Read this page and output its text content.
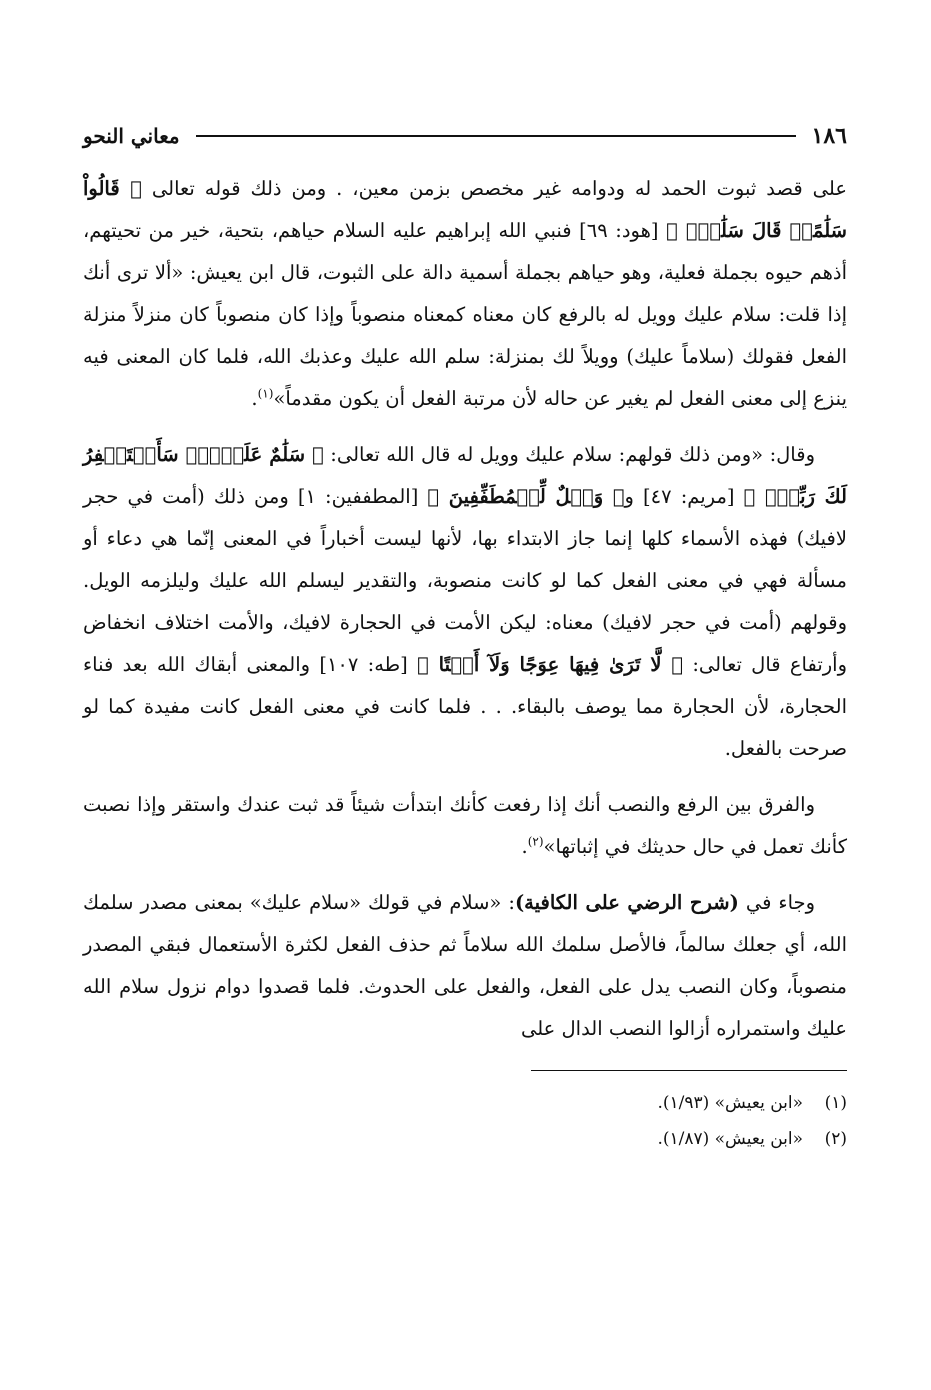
١٨٦
معاني النحو

على قصد ثبوت الحمد له ودوامه غير مخصص بزمن معين، . ومن ذلك قوله تعالى ﴿ قَالُواْ سَلَٰمًاۖ قَالَ سَلَٰمٌۖ ﴾ [هود: ٦٩] فنبي الله إبراهيم عليه السلام حياهم، بتحية، خير من تحيتهم، أذهم حيوه بجملة فعلية، وهو حياهم بجملة أسمية دالة على الثبوت، قال ابن يعيش: «ألا ترى أنك إذا قلت: سلام عليك وويل له بالرفع كان معناه كمعناه منصوباً وإذا كان منصوباً كان منزلاً منزلة الفعل فقولك (سلاماً عليك) وويلاً لك بمنزلة: سلم الله عليك وعذبك الله، فلما كان المعنى فيه ينزع إلى معنى الفعل لم يغير عن حاله لأن مرتبة الفعل أن يكون مقدماً»$^{(١)}$.

وقال: «ومن ذلك قولهم: سلام عليك وويل له قال الله تعالى: ﴿ سَلَٰمٌ عَلَيۡكَۖ سَأَسۡتَغۡفِرُ لَكَ رَبِّيٓۖ ﴾ [مريم: ٤٧] و﴿ وَيۡلٌ لِّلۡمُطَفِّفِينَ ﴾ [المطففين: ١] ومن ذلك (أمت في حجر لافيك) فهذه الأسماء كلها إنما جاز الابتداء بها، لأنها ليست أخباراً في المعنى إنّما هي دعاء أو مسألة فهي في معنى الفعل كما لو كانت منصوبة، والتقدير ليسلم الله عليك وليلزمه الويل. وقولهم (أمت في حجر لافيك) معناه: ليكن الأمت في الحجارة لافيك، والأمت اختلاف انخفاض وأرتفاع قال تعالى: ﴿ لَّا تَرَىٰ فِيهَا عِوَجًا وَلَآ أَمۡتًا ﴾ [طه: ١٠٧] والمعنى أبقاك الله بعد فناء الحجارة، لأن الحجارة مما يوصف بالبقاء. . . فلما كانت في معنى الفعل كانت مفيدة كما لو صرحت بالفعل.

والفرق بين الرفع والنصب أنك إذا رفعت كأنك ابتدأت شيئاً قد ثبت عندك واستقر وإذا نصبت كأنك تعمل في حال حديثك في إثباتها»$^{(٢)}$.

وجاء في (شرح الرضي على الكافية): «سلام في قولك «سلام عليك» بمعنى مصدر سلمك الله، أي جعلك سالماً، فالأصل سلمك الله سلاماً ثم حذف الفعل لكثرة الأستعمال فبقي المصدر منصوباً، وكان النصب يدل على الفعل، والفعل على الحدوث. فلما قصدوا دوام نزول سلام الله عليك واستمراره أزالوا النصب الدال على

(١)
«ابن يعيش» (١/٩٣).
(٢)
«ابن يعيش» (١/٨٧).
